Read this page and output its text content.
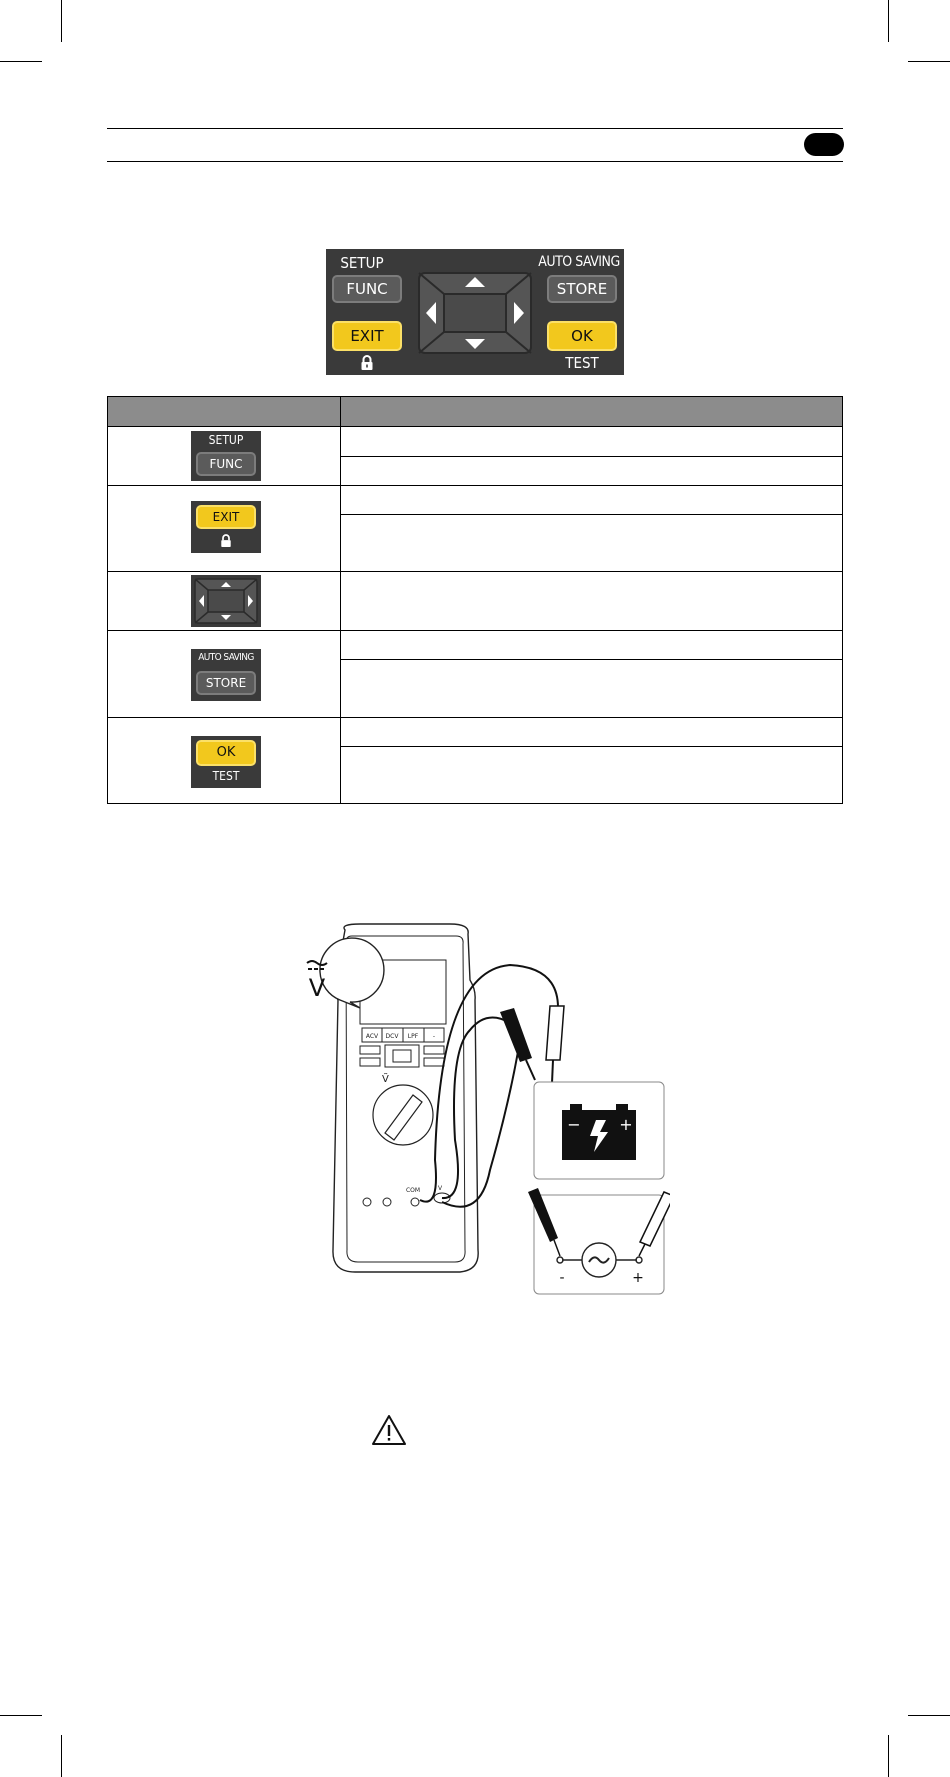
SETUP
FUNC
EXIT
AUTO SAVING
STORE
OK
TEST
SETUP
FUNC
EXIT
AUTO SAVING
STORE
OK
TEST
ACV DCV LPF -
COM	V
Ṽ
V
− +
-	+
